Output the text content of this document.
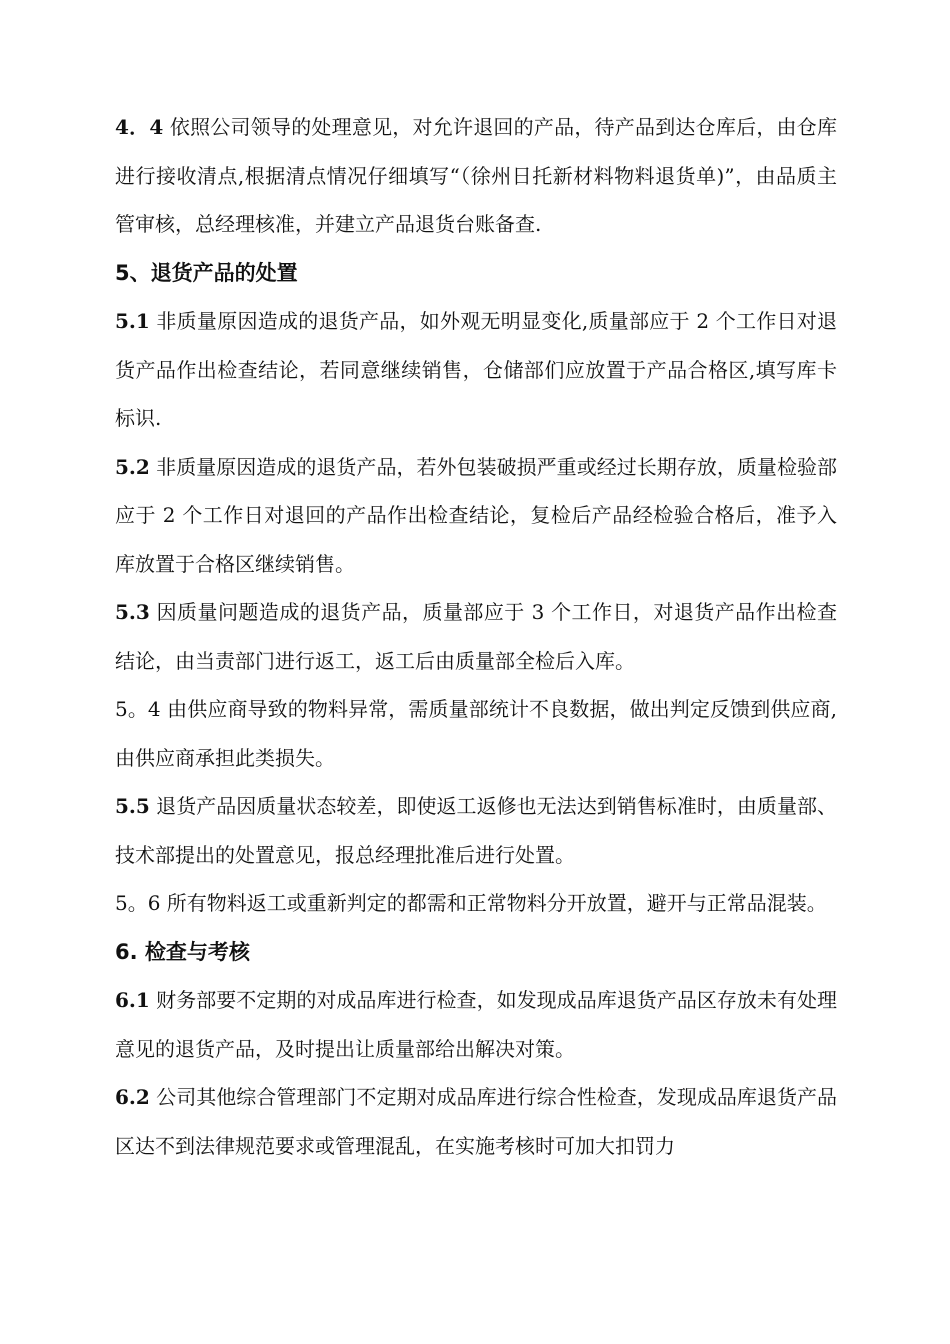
4．4 依照公司领导的处理意见，对允许退回的产品，待产品到达仓库后，由仓库进行接收清点,根据清点情况仔细填写“（徐州日托新材料物料退货单)”，由品质主管审核，总经理核准，并建立产品退货台账备查.

5、退货产品的处置

5.1 非质量原因造成的退货产品，如外观无明显变化,质量部应于 2 个工作日对退货产品作出检查结论，若同意继续销售，仓储部们应放置于产品合格区,填写库卡标识.

5.2 非质量原因造成的退货产品，若外包装破损严重或经过长期存放，质量检验部应于 2 个工作日对退回的产品作出检查结论，复检后产品经检验合格后，准予入库放置于合格区继续销售。

5.3 因质量问题造成的退货产品，质量部应于 3 个工作日，对退货产品作出检查结论，由当责部门进行返工，返工后由质量部全检后入库。

5。4 由供应商导致的物料异常，需质量部统计不良数据，做出判定反馈到供应商,由供应商承担此类损失。

5.5 退货产品因质量状态较差，即使返工返修也无法达到销售标准时，由质量部、技术部提出的处置意见，报总经理批准后进行处置。

5。6 所有物料返工或重新判定的都需和正常物料分开放置，避开与正常品混装。

6. 检查与考核

6.1 财务部要不定期的对成品库进行检查，如发现成品库退货产品区存放未有处理意见的退货产品，及时提出让质量部给出解决对策。

6.2 公司其他综合管理部门不定期对成品库进行综合性检查，发现成品库退货产品区达不到法律规范要求或管理混乱，在实施考核时可加大扣罚力
